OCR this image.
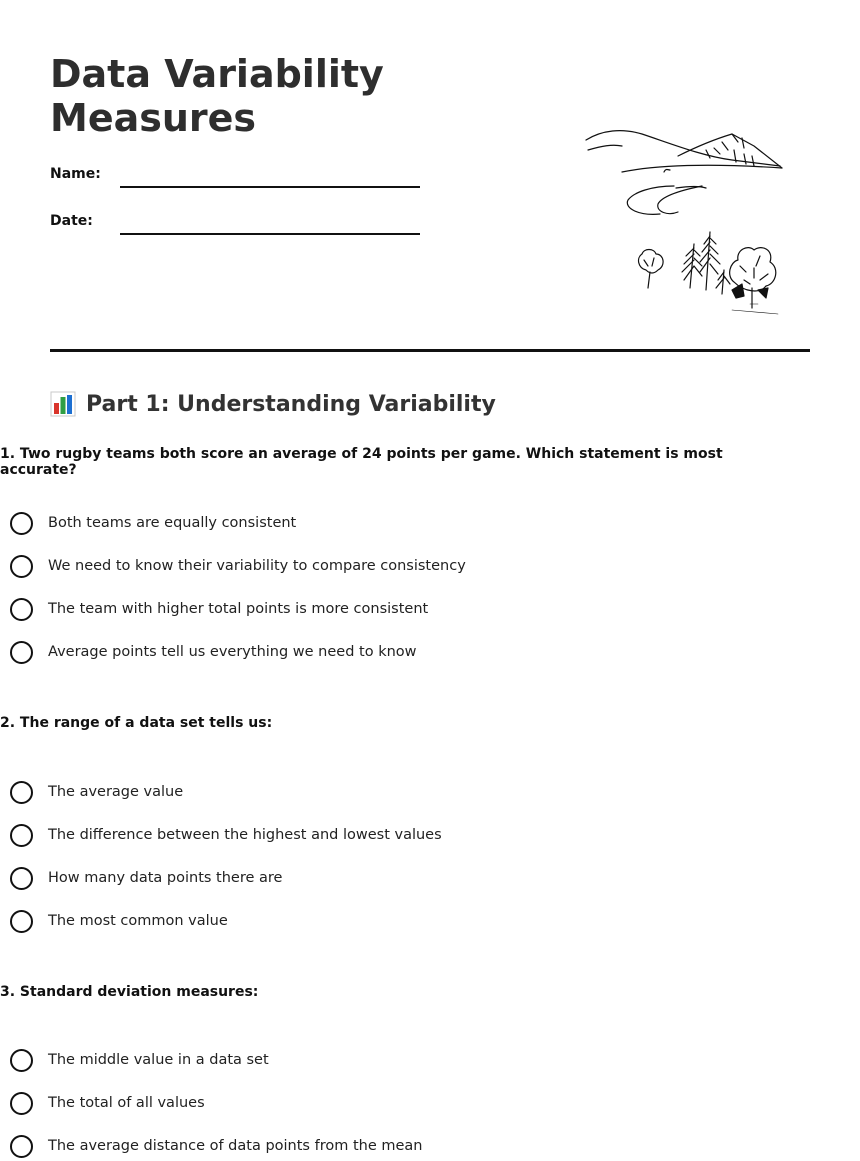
Data Variability
Measures
Name:
Date:
Part 1: Understanding Variability
1. Two rugby teams both score an average of 24 points per game. Which statement is most accurate?
Both teams are equally consistent
We need to know their variability to compare consistency
The team with higher total points is more consistent
Average points tell us everything we need to know
2. The range of a data set tells us:
The average value
The difference between the highest and lowest values
How many data points there are
The most common value
3. Standard deviation measures:
The middle value in a data set
The total of all values
The average distance of data points from the mean
